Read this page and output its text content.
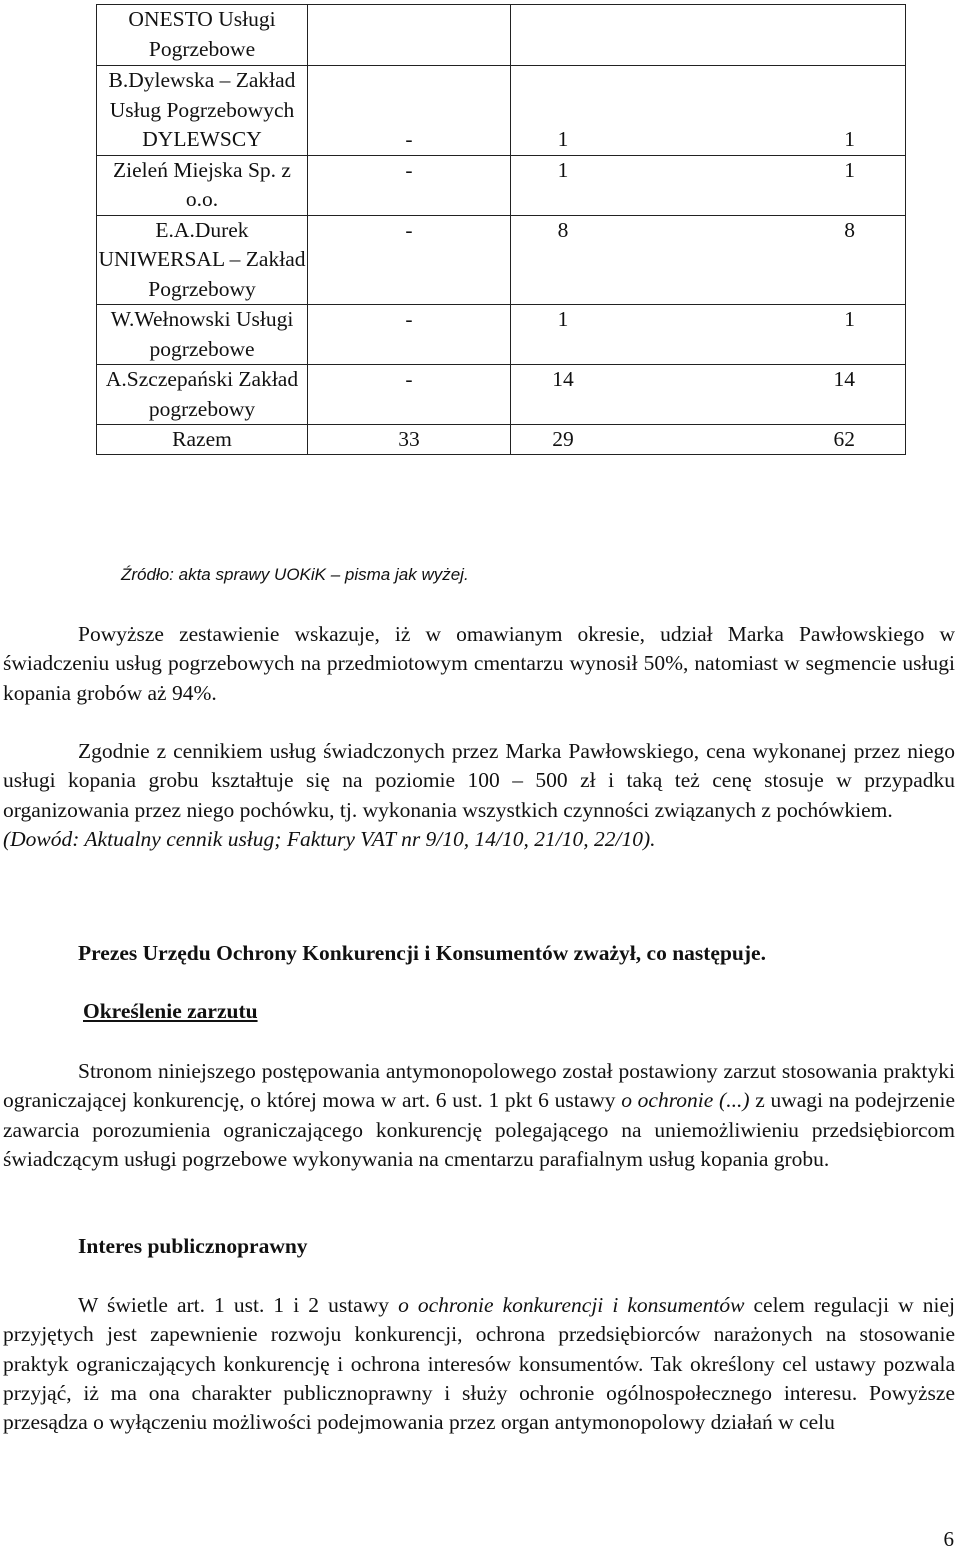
ONESTO Usługi Pogrzebowe		
B.Dylewska – Zakład Usług Pogrzebowych DYLEWSCY	-	1 1

Zieleń Miejska Sp. z o.o.	-	1 1

E.A.Durek UNIWERSAL – Zakład Pogrzebowy	-	8 8

W.Wełnowski Usługi pogrzebowe	-	1 1

A.Szczepański Zakład pogrzebowy	-	14 14

Razem	33	29 62
Źródło: akta sprawy UOKiK – pisma jak wyżej.

Powyższe zestawienie wskazuje, iż w omawianym okresie, udział Marka Pawłowskiego w świadczeniu usług pogrzebowych na przedmiotowym cmentarzu wynosił 50%, natomiast w segmencie usługi kopania grobów aż 94%.

Zgodnie z cennikiem usług świadczonych przez Marka Pawłowskiego, cena wykonanej przez niego usługi kopania grobu kształtuje się na poziomie 100 – 500 zł i taką też cenę stosuje w przypadku organizowania przez niego pochówku, tj. wykonania wszystkich czynności związanych z pochówkiem.

(Dowód: Aktualny cennik usług; Faktury VAT nr 9/10, 14/10, 21/10, 22/10).

Prezes Urzędu Ochrony Konkurencji i Konsumentów zważył, co następuje.
Określenie zarzutu

Stronom niniejszego postępowania antymonopolowego został postawiony zarzut stosowania praktyki ograniczającej konkurencję, o której mowa w art. 6 ust. 1 pkt 6 ustawy o ochronie (...) z uwagi na podejrzenie zawarcia porozumienia ograniczającego konkurencję polegającego na uniemożliwieniu przedsiębiorcom świadczącym usługi pogrzebowe wykonywania na cmentarzu parafialnym usług kopania grobu.

Interes publicznoprawny

W świetle art. 1 ust. 1 i 2 ustawy o ochronie konkurencji i konsumentów celem regulacji w niej przyjętych jest zapewnienie rozwoju konkurencji, ochrona przedsiębiorców narażonych na stosowanie praktyk ograniczających konkurencję i ochrona interesów konsumentów. Tak określony cel ustawy pozwala przyjąć, iż ma ona charakter publicznoprawny i służy ochronie ogólnospołecznego interesu. Powyższe przesądza o wyłączeniu możliwości podejmowania przez organ antymonopolowy działań w celu

6
